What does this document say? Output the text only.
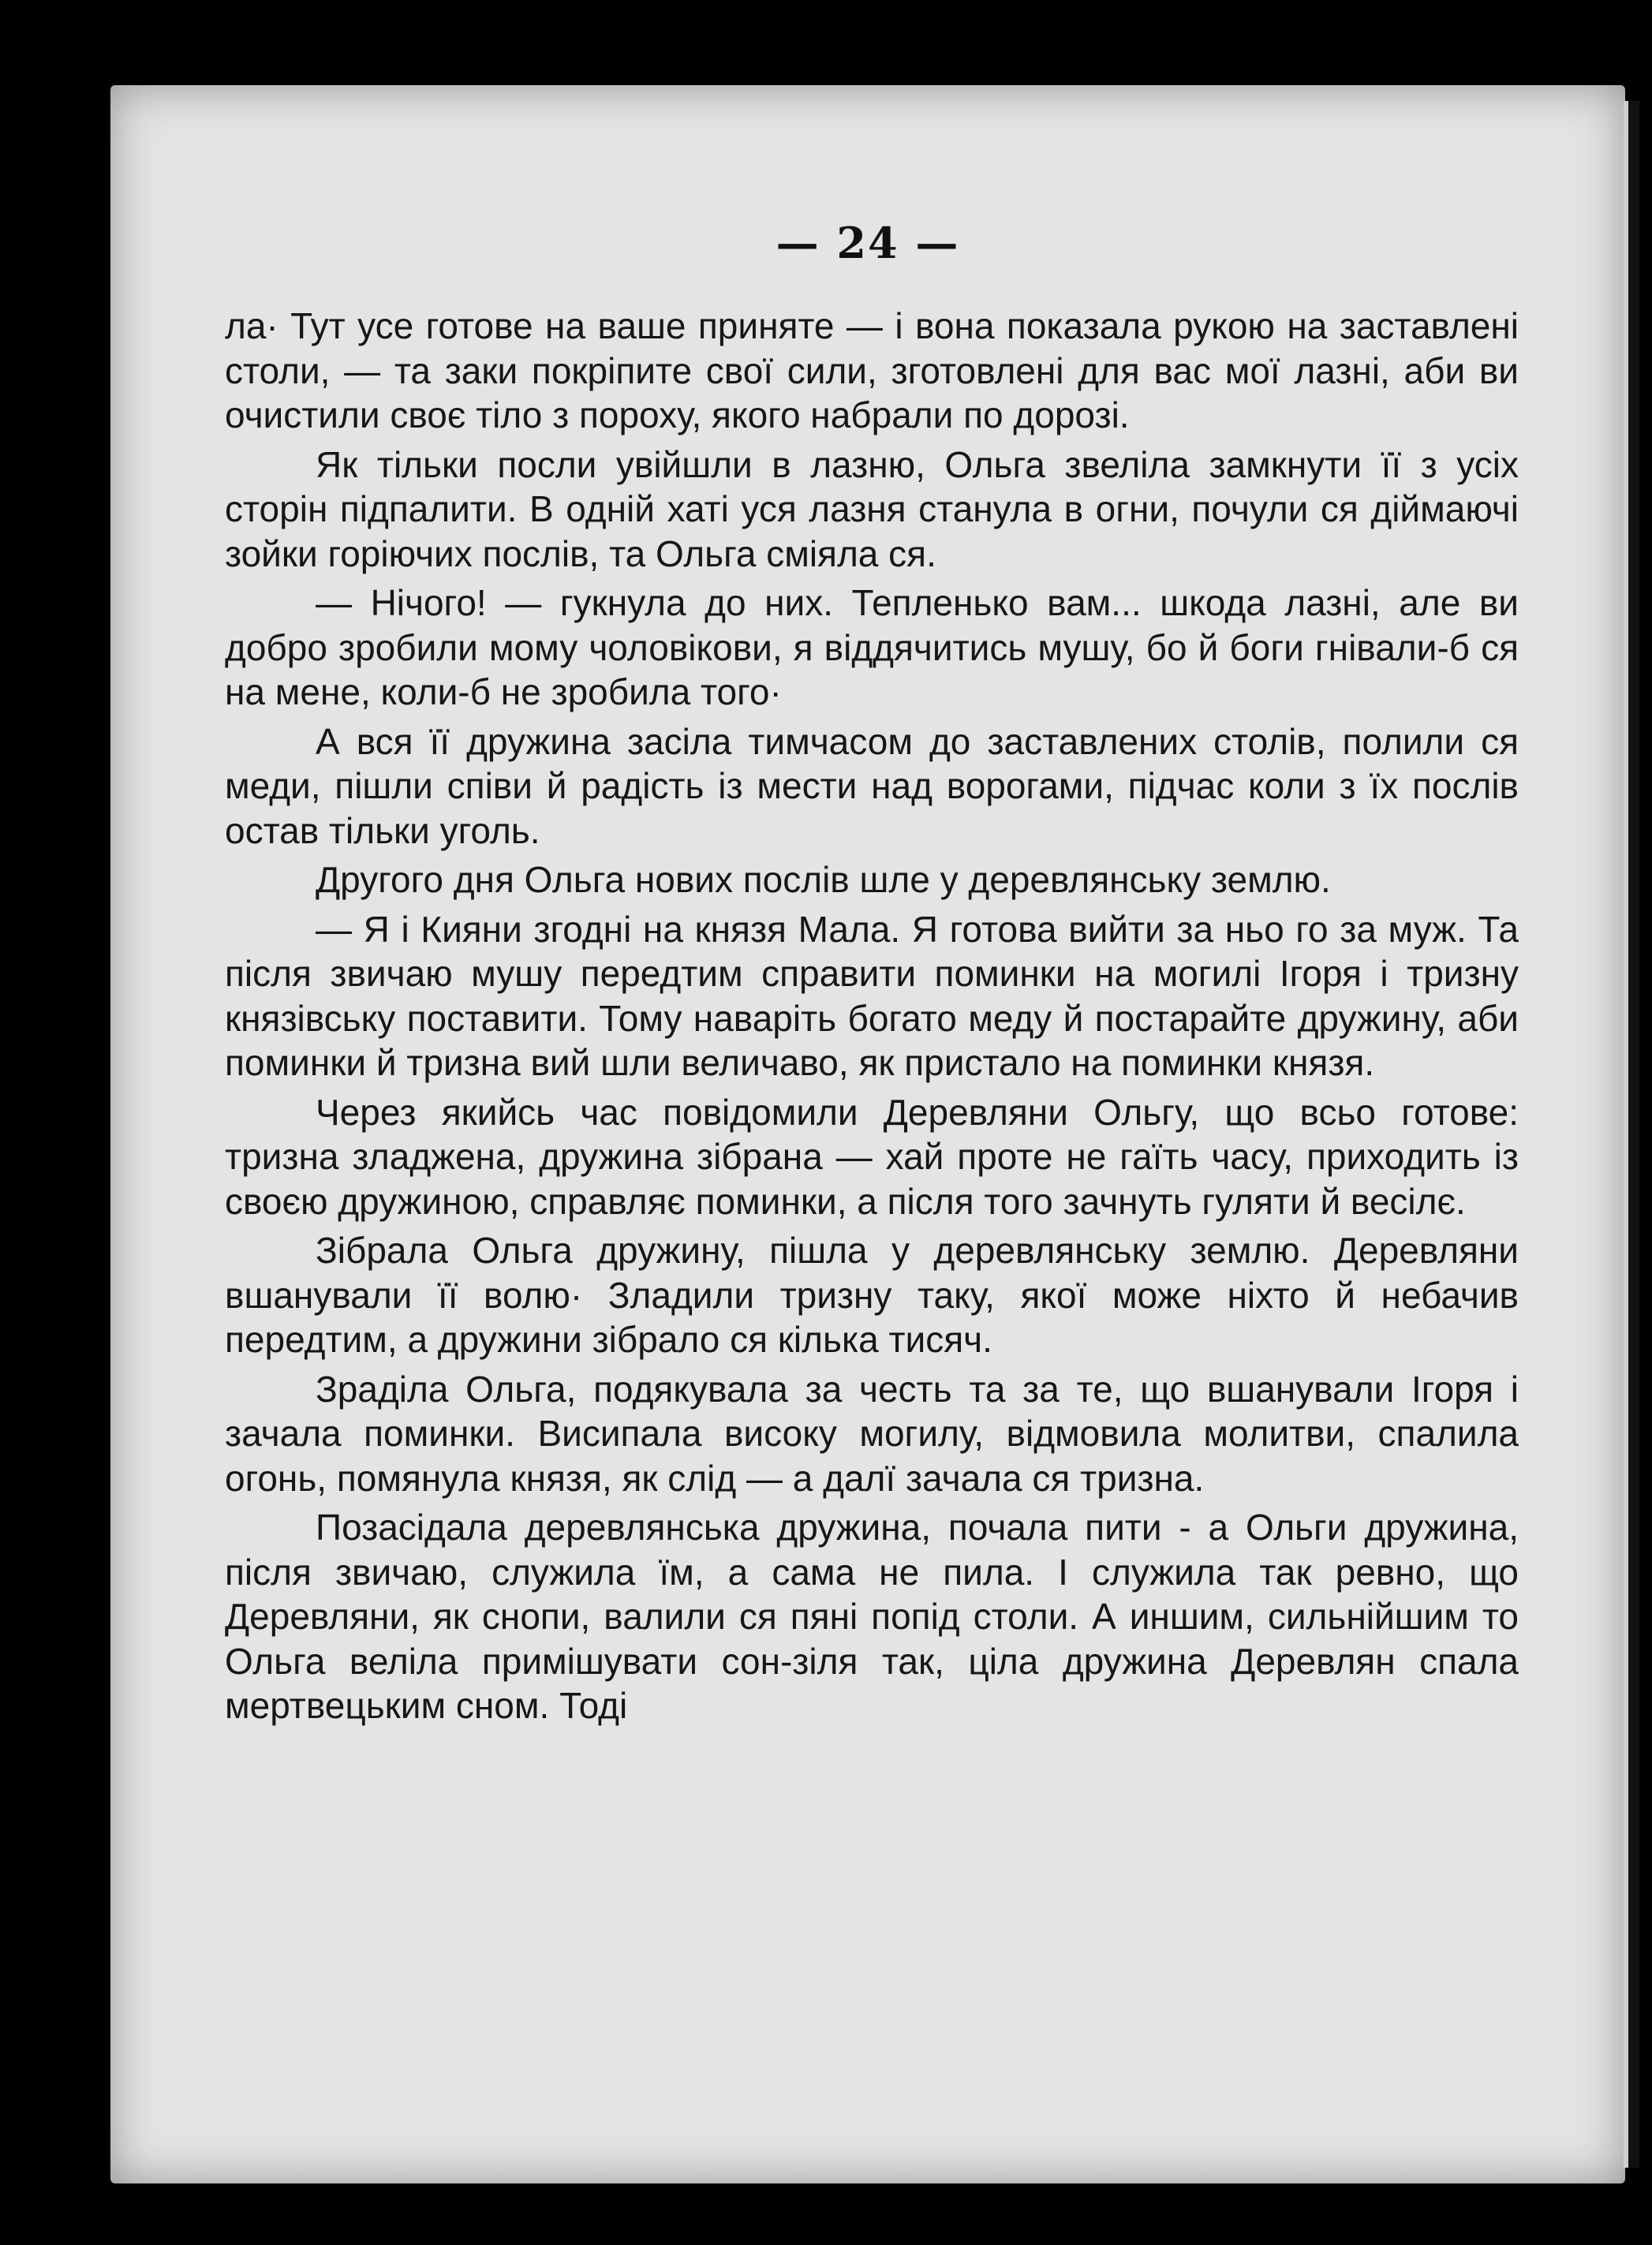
— 24 —

ла· Тут усе готове на ваше приняте — і вона показала рукою на заставлені столи, — та заки покріпите свої сили, зготовлені для вас мої лазні, аби ви очистили своє тіло з пороху, якого набрали по дорозі.

Як тільки посли увійшли в лазню, Ольга звеліла замкнути її з усіх сторін підпалити. В одній хаті уся лазня станула в огни, почули ся діймаючі зойки горіючих послів, та Ольга сміяла ся.

— Нічого! — гукнула до них. Тепленько вам... шкода лазні, але ви добро зробили мому чоловікови, я віддячитись мушу, бо й боги гнівали-б ся на мене, коли-б не зробила того·

А вся її дружина засіла тимчасом до заставлених столів, полили ся меди, пішли співи й радість із мести над ворогами, підчас коли з їх послів остав тільки уголь.

Другого дня Ольга нових послів шле у деревлянську землю.

— Я і Кияни згодні на князя Мала. Я готова вийти за ньо го за муж. Та після звичаю мушу передтим справити поминки на могилі Ігоря і тризну князівську поставити. Тому наваріть богато меду й постарайте дружину, аби поминки й тризна вий шли величаво, як пристало на поминки князя.

Через якийсь час повідомили Деревляни Ольгу, що всьо готове: тризна зладжена, дружина зібрана — хай проте не гаїть часу, приходить із своєю дружиною, справляє поминки, а після того зачнуть гуляти й весілє.

Зібрала Ольга дружину, пішла у деревлянську землю. Деревляни вшанували її волю· Зладили тризну таку, якої може ніхто й небачив передтим, а дружини зібрало ся кілька тисяч.

Зраділа Ольга, подякувала за честь та за те, що вшанували Ігоря і зачала поминки. Висипала високу могилу, відмовила молитви, спалила огонь, помянула князя, як слід — а далї зачала ся тризна.

Позасідала деревлянська дружина, почала пити - а Ольги дружина, після звичаю, служила їм, а сама не пила. І служила так ревно, що Деревляни, як снопи, валили ся пяні попід столи. А иншим, сильнійшим то Ольга веліла примішувати сон-зіля так, ціла дружина Деревлян спала мертвецьким сном. Тоді
